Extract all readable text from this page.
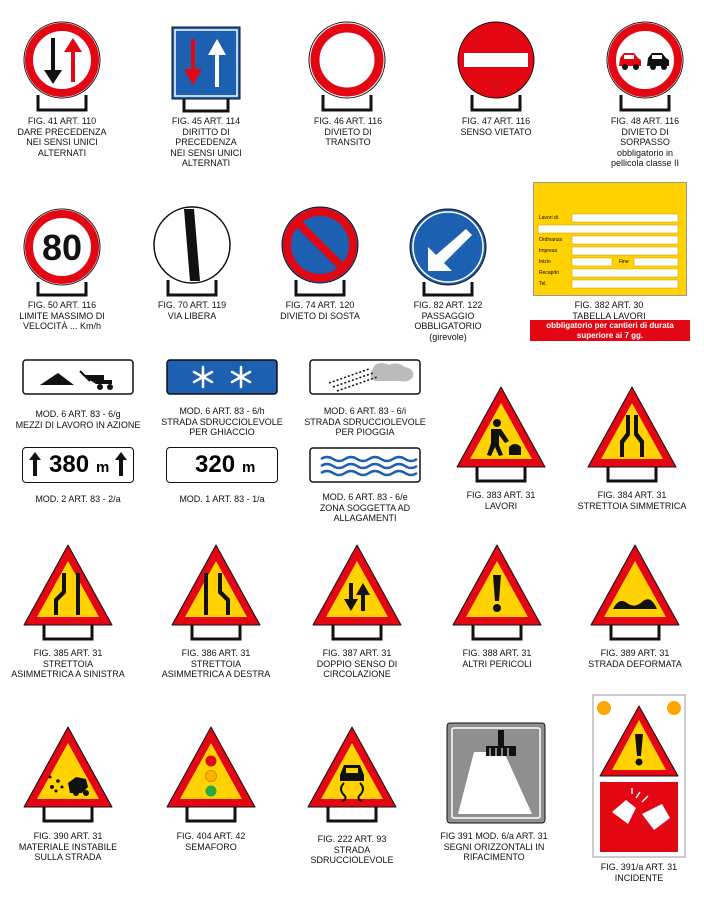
FIG. 41 ART. 110
DARE PRECEDENZA
NEI SENSI UNICI
ALTERNATI
FIG. 45 ART. 114
DIRITTO DI
PRECEDENZA
NEI SENSI UNICI
ALTERNATI
FIG. 46 ART. 116
DIVIETO DI
TRANSITO
FIG. 47 ART. 116
SENSO VIETATO
FIG. 48 ART. 116
DIVIETO DI
SORPASSO
obbligatorio in
pellicola classe II
80
FIG. 50 ART. 116
LIMITE MASSIMO DI
VELOCITÀ ... Km/h
FIG. 70 ART. 119
VIA LIBERA
FIG. 74 ART. 120
DIVIETO DI SOSTA
FIG. 82 ART. 122
PASSAGGIO
OBBLIGATORIO
(girevole)
Lavori di
Ordinanza
Impresa
Inizio	Fine
Recapito
Tel.
FIG. 382 ART. 30
TABELLA LAVORI
obbligatorio per cantieri di durata superiore ai 7 gg.
MOD. 6 ART. 83 - 6/g
MEZZI DI LAVORO IN AZIONE
MOD. 6 ART. 83 - 6/h
STRADA SDRUCCIOLEVOLE
PER GHIACCIO
MOD. 6 ART. 83 - 6/i
STRADA SDRUCCIOLEVOLE
PER PIOGGIA
380 m
MOD. 2 ART. 83 - 2/a
320 m
MOD. 1 ART. 83 - 1/a	MOD. 6 ART. 83 - 6/e
ZONA SOGGETTA AD
ALLAGAMENTI
FIG. 383 ART. 31
LAVORI
FIG. 384 ART. 31
STRETTOIA SIMMETRICA
FIG. 385 ART. 31
STRETTOIA
ASIMMETRICA A SINISTRA
FIG. 386 ART. 31
STRETTOIA
ASIMMETRICA A DESTRA
FIG. 387 ART. 31
DOPPIO SENSO DI
CIRCOLAZIONE
FIG. 388 ART. 31
ALTRI PERICOLI
FIG. 389 ART. 31
STRADA DEFORMATA
FIG. 390 ART. 31
MATERIALE INSTABILE
SULLA STRADA
FIG. 404 ART. 42
SEMAFORO
FIG. 222 ART. 93
STRADA
SDRUCCIOLEVOLE
FIG 391 MOD. 6/a ART. 31
SEGNI ORIZZONTALI IN
RIFACIMENTO
FIG. 391/a ART. 31
INCIDENTE
